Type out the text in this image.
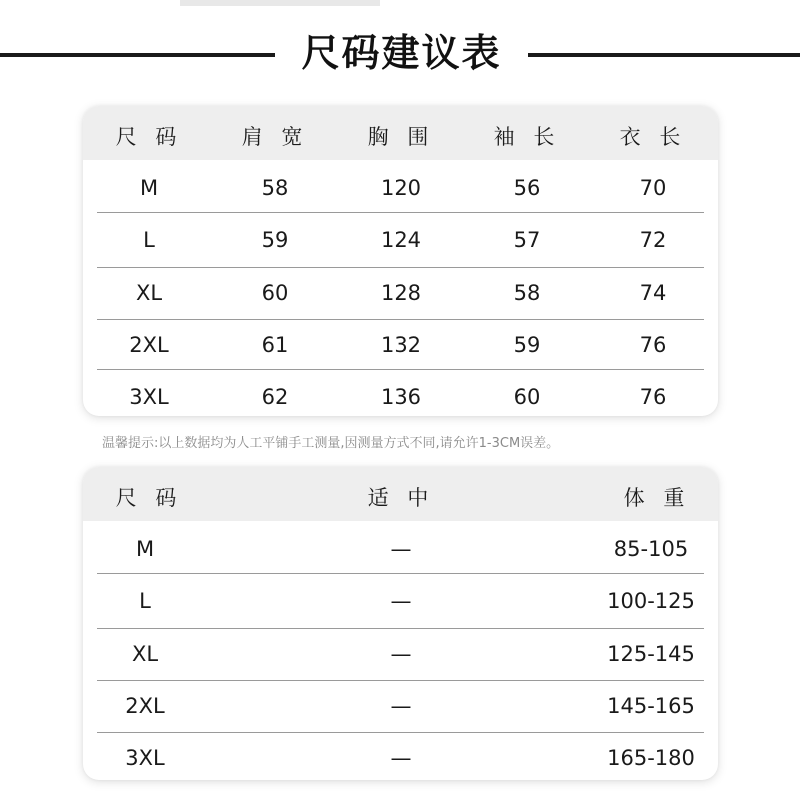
尺码建议表
尺 码	肩 宽	胸 围	袖 长	衣 长
M	58	120	56	70
L	59	124	57	72
XL	60	128	58	74
2XL	61	132	59	76
3XL	62	136	60	76
温馨提示:以上数据均为人工平铺手工测量,因测量方式不同,请允许1-3CM误差。
尺 码	适 中	体 重
M	—	85-105
L	—	100-125
XL	—	125-145
2XL	—	145-165
3XL	—	165-180
